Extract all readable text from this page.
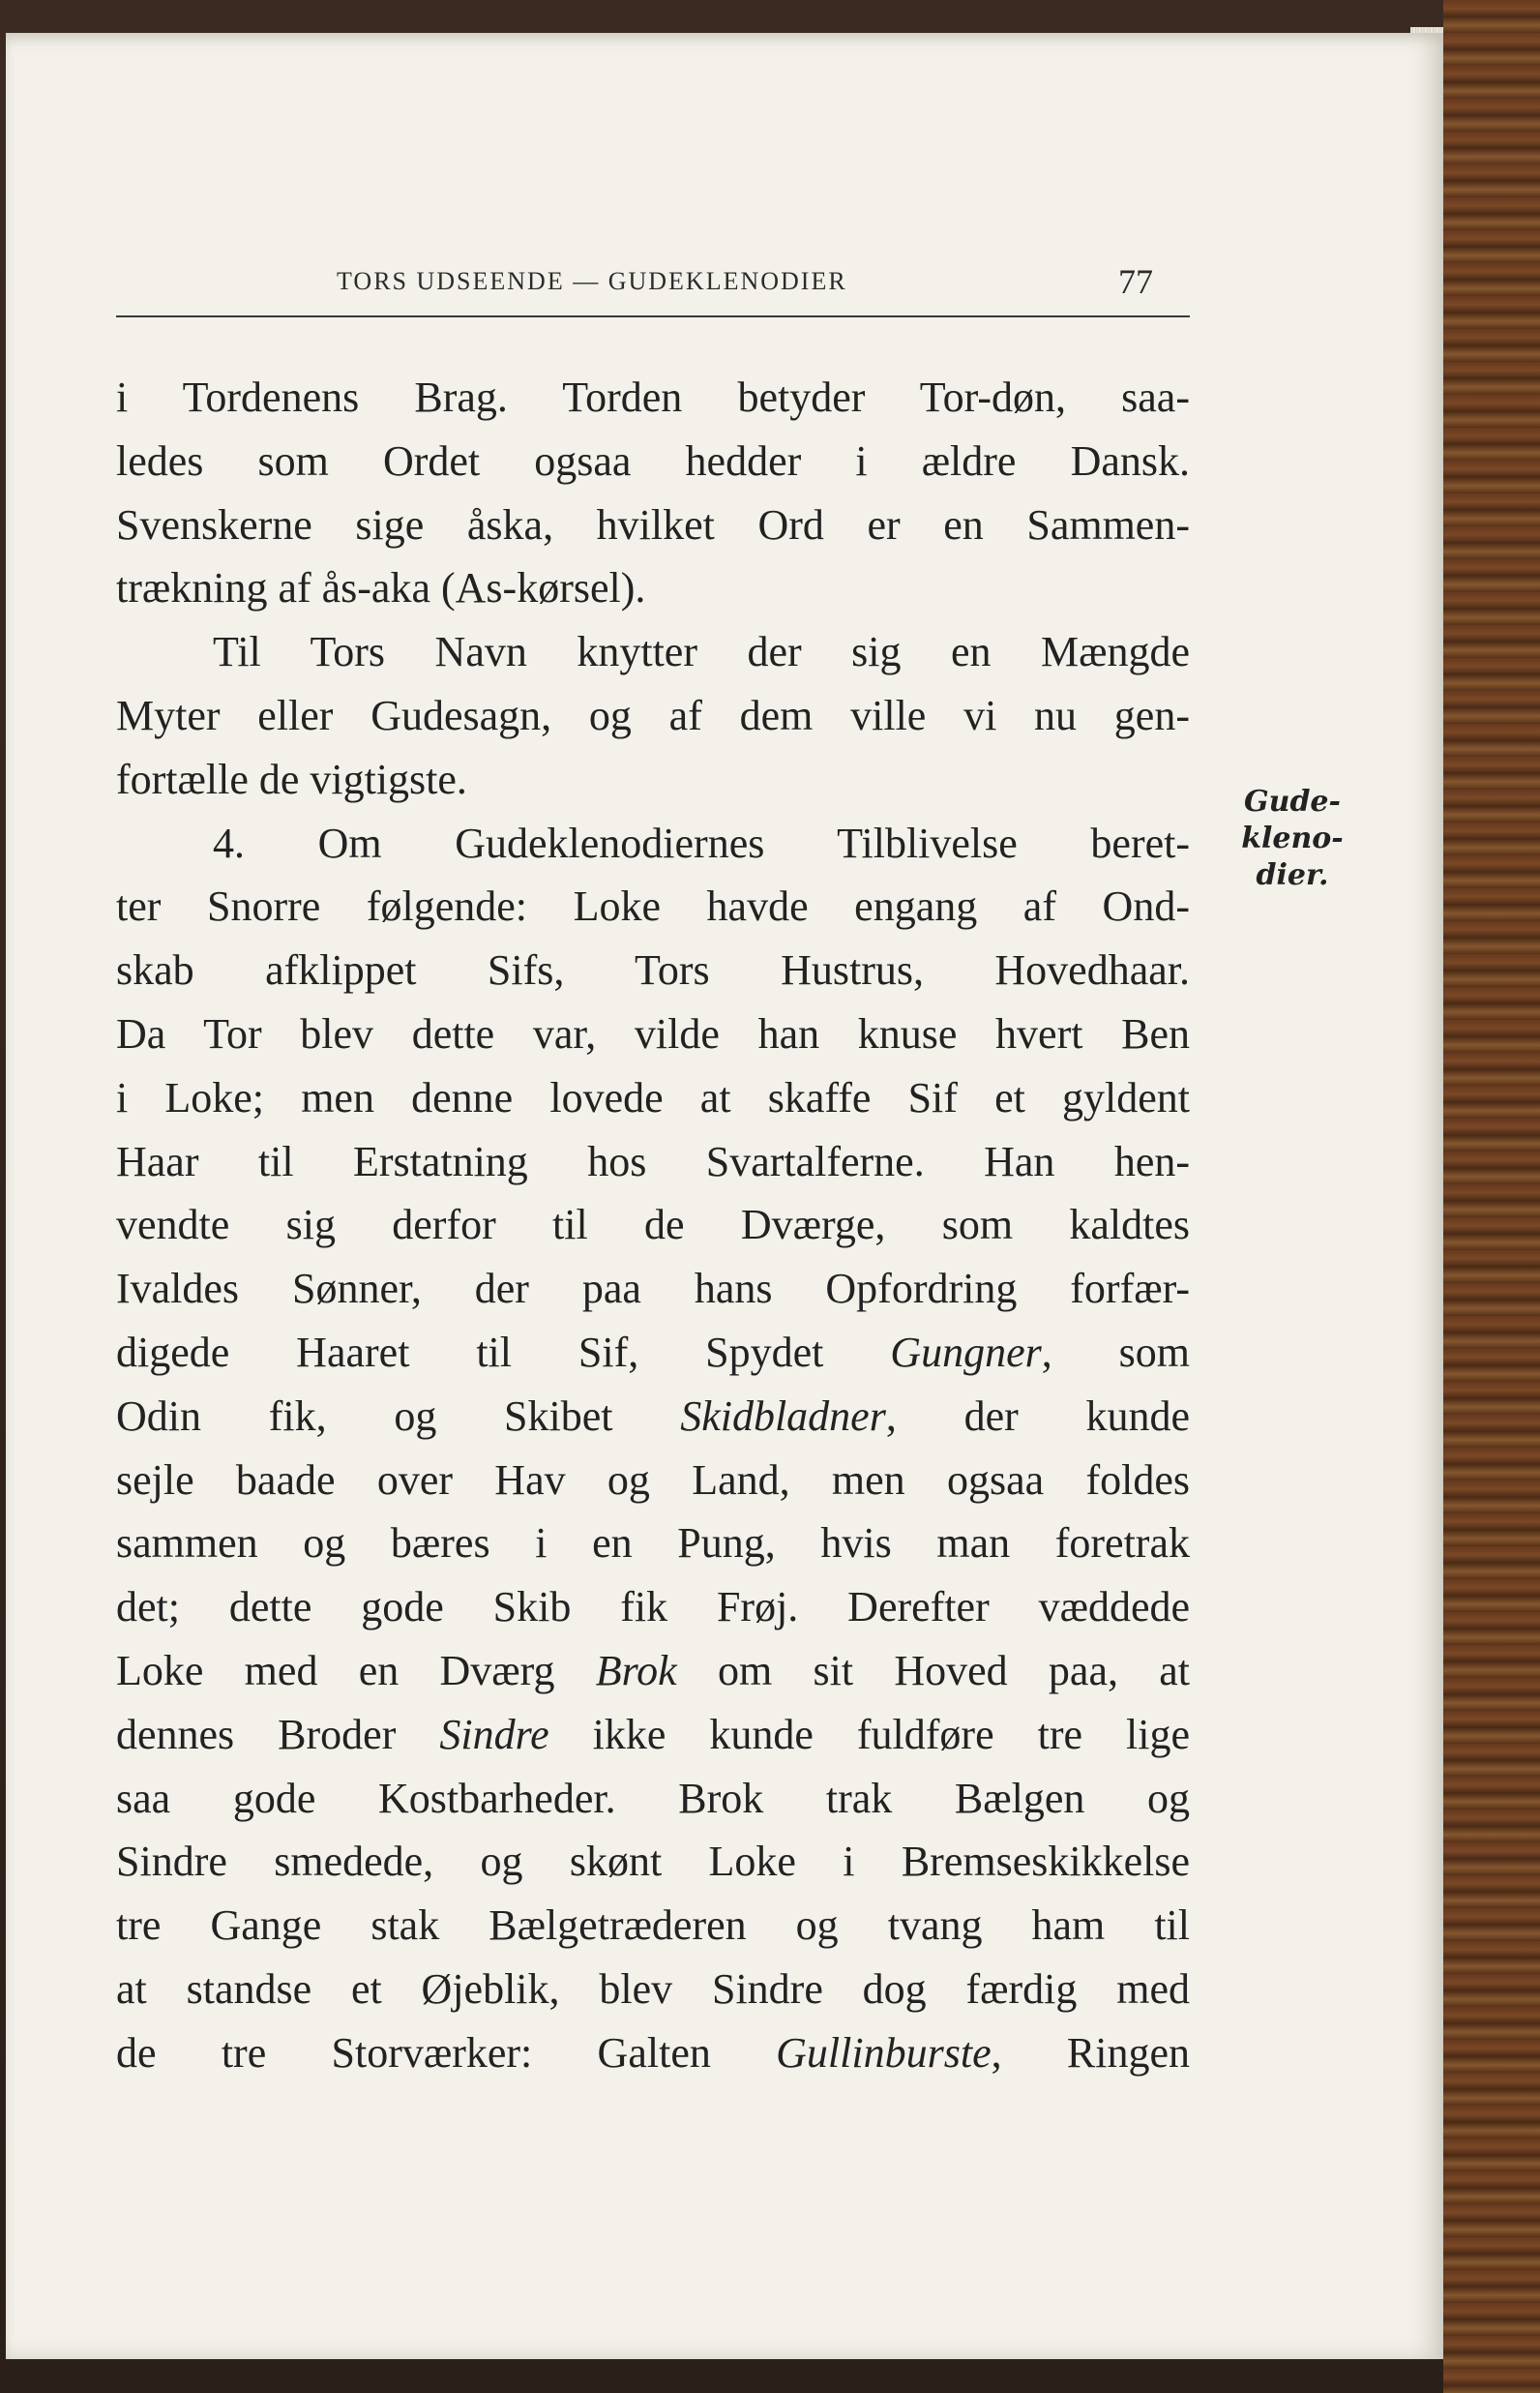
TORS UDSEENDE — GUDEKLENODIER	77
i Tordenens Brag. Torden betyder Tor-døn, saa-
ledes som Ordet ogsaa hedder i ældre Dansk.
Svenskerne sige åska, hvilket Ord er en Sammen-
trækning af ås-aka (As-kørsel).
Til Tors Navn knytter der sig en Mængde
Myter eller Gudesagn, og af dem ville vi nu gen-
fortælle de vigtigste.
4. Om Gudeklenodiernes Tilblivelse beret-
ter Snorre følgende: Loke havde engang af Ond-
skab afklippet Sifs, Tors Hustrus, Hovedhaar.
Da Tor blev dette var, vilde han knuse hvert Ben
i Loke; men denne lovede at skaffe Sif et gyldent
Haar til Erstatning hos Svartalferne. Han hen-
vendte sig derfor til de Dværge, som kaldtes
Ivaldes Sønner, der paa hans Opfordring forfær-
digede Haaret til Sif, Spydet Gungner, som
Odin fik, og Skibet Skidbladner, der kunde
sejle baade over Hav og Land, men ogsaa foldes
sammen og bæres i en Pung, hvis man foretrak
det; dette gode Skib fik Frøj. Derefter væddede
Loke med en Dværg Brok om sit Hoved paa, at
dennes Broder Sindre ikke kunde fuldføre tre lige
saa gode Kostbarheder. Brok trak Bælgen og
Sindre smedede, og skønt Loke i Bremseskikkelse
tre Gange stak Bælgetræderen og tvang ham til
at standse et Øjeblik, blev Sindre dog færdig med
de tre Storværker: Galten Gullinburste, Ringen
Gude-
kleno-
dier.
